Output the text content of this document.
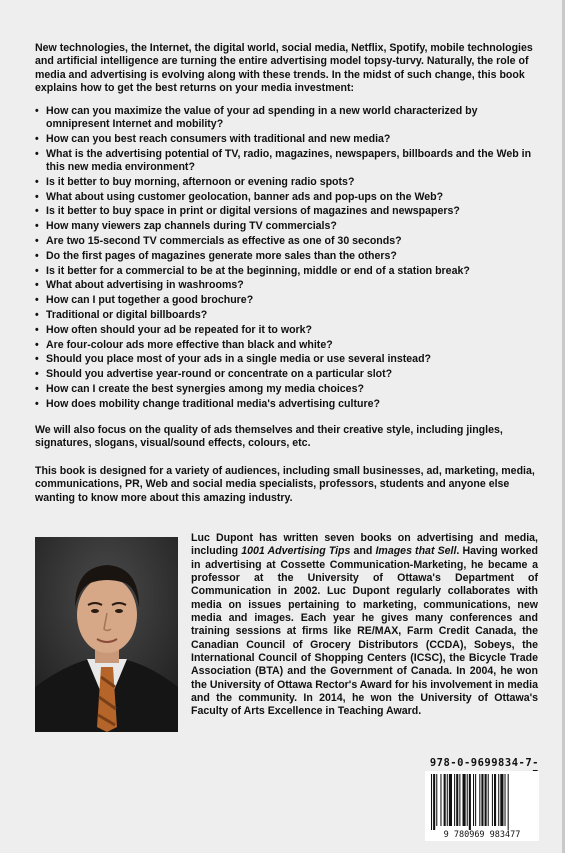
New technologies, the Internet, the digital world, social media, Netflix, Spotify, mobile technologies and artificial intelligence are turning the entire advertising model topsy-turvy. Naturally, the role of media and advertising is evolving along with these trends. In the midst of such change, this book explains how to get the best returns on your media investment:

• How can you maximize the value of your ad spending in a new world characterized by omnipresent Internet and mobility?
• How can you best reach consumers with traditional and new media?
• What is the advertising potential of TV, radio, magazines, newspapers, billboards and the Web in this new media environment?
• Is it better to buy morning, afternoon or evening radio spots?
• What about using customer geolocation, banner ads and pop-ups on the Web?
• Is it better to buy space in print or digital versions of magazines and newspapers?
• How many viewers zap channels during TV commercials?
• Are two 15-second TV commercials as effective as one of 30 seconds?
• Do the first pages of magazines generate more sales than the others?
• Is it better for a commercial to be at the beginning, middle or end of a station break?
• What about advertising in washrooms?
• How can I put together a good brochure?
• Traditional or digital billboards?
• How often should your ad be repeated for it to work?
• Are four-colour ads more effective than black and white?
• Should you place most of your ads in a single media or use several instead?
• Should you advertise year-round or concentrate on a particular slot?
• How can I create the best synergies among my media choices?
• How does mobility change traditional media's advertising culture?

We will also focus on the quality of ads themselves and their creative style, including jingles, signatures, slogans, visual/sound effects, colours, etc.

This book is designed for a variety of audiences, including small businesses, ad, marketing, media, communications, PR, Web and social media specialists, professors, students and anyone else wanting to know more about this amazing industry.

Luc Dupont has written seven books on advertising and media, including 1001 Advertising Tips and Images that Sell. Having worked in advertising at Cossette Communication-Marketing, he became a professor at the University of Ottawa's Department of Communication in 2002. Luc Dupont regularly collaborates with media on issues pertaining to marketing, communications, new media and images. Each year he gives many conferences and training sessions at firms like RE/MAX, Farm Credit Canada, the Canadian Council of Grocery Distributors (CCDA), Sobeys, the International Council of Shopping Centers (ICSC), the Bicycle Trade Association (BTA) and the Government of Canada. In 2004, he won the University of Ottawa Rector's Award for his involvement in media and the community. In 2014, he won the University of Ottawa's Faculty of Arts Excellence in Teaching Award.

978-0-9699834-7-
9 780969 983477
